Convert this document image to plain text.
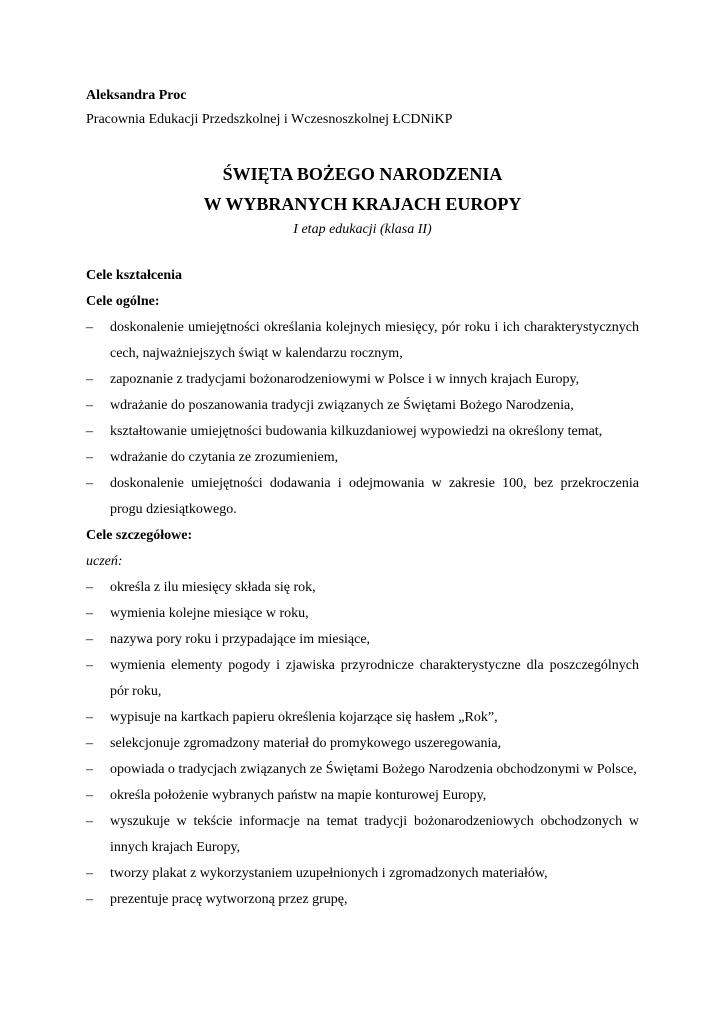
Aleksandra Proc

Pracownia Edukacji Przedszkolnej i Wczesnoszkolnej ŁCDNiKP

ŚWIĘTA BOŻEGO NARODZENIA
W WYBRANYCH KRAJACH EUROPY
I etap edukacji (klasa II)

Cele kształcenia

Cele ogólne:

– doskonalenie umiejętności określania kolejnych miesięcy, pór roku i ich charakterystycznych cech, najważniejszych świąt w kalendarzu rocznym,
– zapoznanie z tradycjami bożonarodzeniowymi w Polsce i w innych krajach Europy,
– wdrażanie do poszanowania tradycji związanych ze Świętami Bożego Narodzenia,
– kształtowanie umiejętności budowania kilkuzdaniowej wypowiedzi na określony temat,
– wdrażanie do czytania ze zrozumieniem,
– doskonalenie umiejętności dodawania i odejmowania w zakresie 100, bez przekroczenia progu dziesiątkowego.

Cele szczegółowe:

uczeń:

– określa z ilu miesięcy składa się rok,
– wymienia kolejne miesiące w roku,
– nazywa pory roku i przypadające im miesiące,
– wymienia elementy pogody i zjawiska przyrodnicze charakterystyczne dla poszczególnych pór roku,
– wypisuje na kartkach papieru określenia kojarzące się hasłem „Rok”,
– selekcjonuje zgromadzony materiał do promykowego uszeregowania,
– opowiada o tradycjach związanych ze Świętami Bożego Narodzenia obchodzonymi w Polsce,
– określa położenie wybranych państw na mapie konturowej Europy,
– wyszukuje w tekście informacje na temat tradycji bożonarodzeniowych obchodzonych w innych krajach Europy,
– tworzy plakat z wykorzystaniem uzupełnionych i zgromadzonych materiałów,
– prezentuje pracę wytworzoną przez grupę,
